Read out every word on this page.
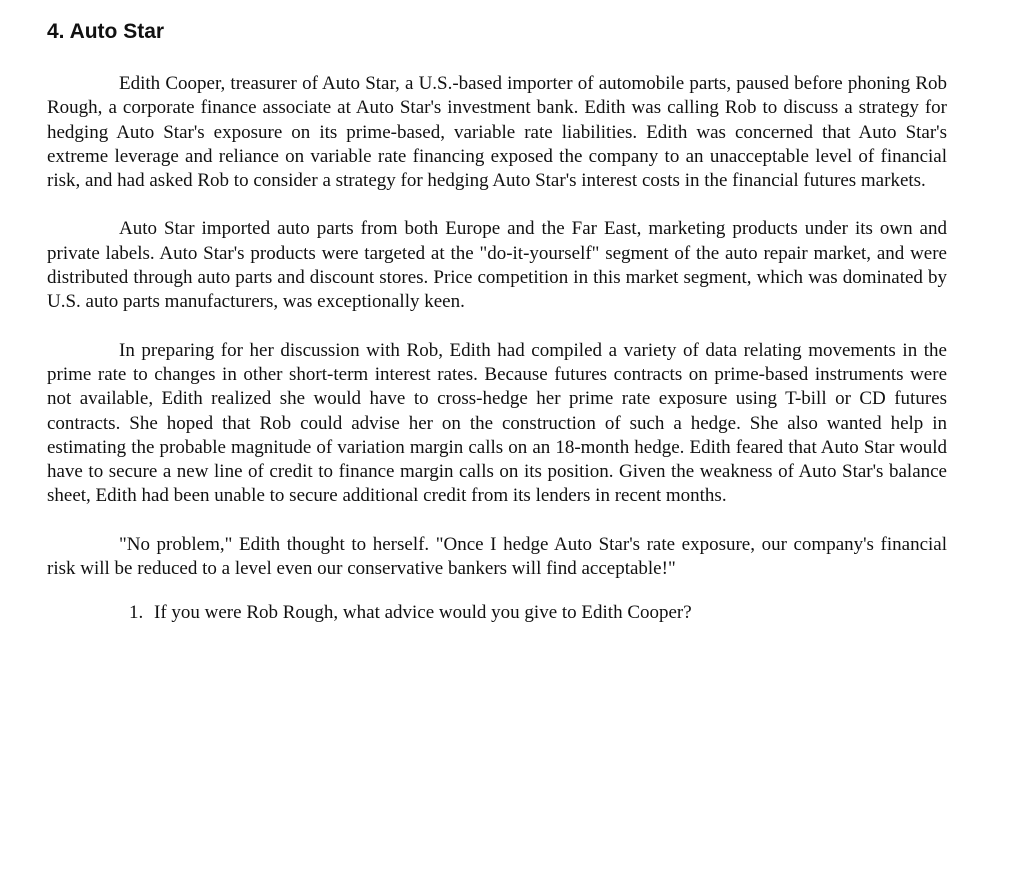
4. Auto Star

Edith Cooper, treasurer of Auto Star, a U.S.-based importer of automobile parts, paused before phoning Rob Rough, a corporate finance associate at Auto Star's investment bank. Edith was calling Rob to discuss a strategy for hedging Auto Star's exposure on its prime-based, variable rate liabilities. Edith was concerned that Auto Star's extreme leverage and reliance on variable rate financing exposed the company to an unacceptable level of financial risk, and had asked Rob to consider a strategy for hedging Auto Star's interest costs in the financial futures markets.

Auto Star imported auto parts from both Europe and the Far East, marketing products under its own and private labels. Auto Star's products were targeted at the "do-it-yourself" segment of the auto repair market, and were distributed through auto parts and discount stores. Price competition in this market segment, which was dominated by U.S. auto parts manufacturers, was exceptionally keen.

In preparing for her discussion with Rob, Edith had compiled a variety of data relating movements in the prime rate to changes in other short-term interest rates. Because futures contracts on prime-based instruments were not available, Edith realized she would have to cross-hedge her prime rate exposure using T-bill or CD futures contracts. She hoped that Rob could advise her on the construction of such a hedge. She also wanted help in estimating the probable magnitude of variation margin calls on an 18-month hedge. Edith feared that Auto Star would have to secure a new line of credit to finance margin calls on its position. Given the weakness of Auto Star's balance sheet, Edith had been unable to secure additional credit from its lenders in recent months.

"No problem," Edith thought to herself. "Once I hedge Auto Star's rate exposure, our company's financial risk will be reduced to a level even our conservative bankers will find acceptable!"

1. If you were Rob Rough, what advice would you give to Edith Cooper?
